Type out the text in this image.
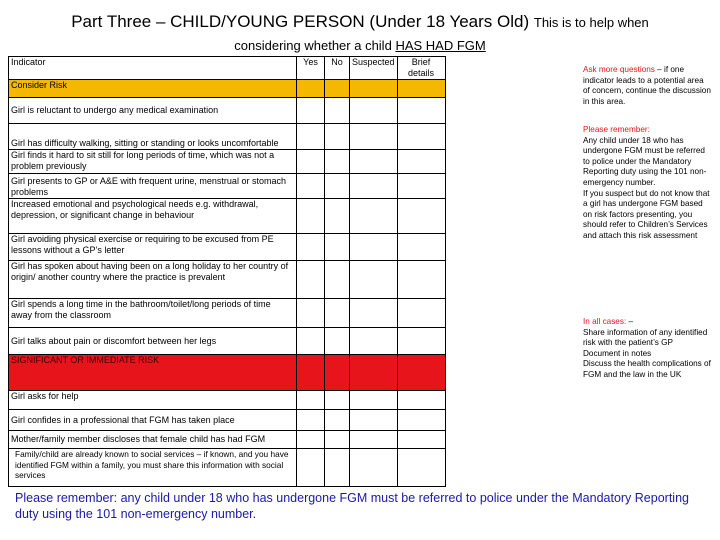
Part Three – CHILD/YOUNG PERSON (Under 18 Years Old) This is to help when
considering whether a child HAS HAD FGM
Indicator	Yes	No	Suspected	Brief details
Consider Risk				
Girl is reluctant to undergo any medical examination				
Girl has difficulty walking, sitting or standing or looks uncomfortable				
Girl finds it hard to sit still for long periods of time, which was not a problem previously				
Girl presents to GP or A&E with frequent urine, menstrual or stomach problems				
Increased emotional and psychological needs e.g. withdrawal, depression, or significant change in behaviour				
Girl avoiding physical exercise or requiring to be excused from PE lessons without a GP’s letter				
Girl has spoken about having been on a long holiday to her country of origin/ another country where the practice is prevalent				
Girl spends a long time in the bathroom/toilet/long periods of time away from the classroom				
Girl talks about pain or discomfort between her legs				
SIGNIFICANT OR IMMEDIATE RISK				
Girl asks for help				
Girl confides in a professional that FGM has taken place				
Mother/family member discloses that female child has had FGM				
Family/child are already known to social services – if known, and you have identified FGM within a family, you must share this information with social services				
Ask more questions – if one indicator leads to a potential area of concern, continue the discussion in this area.
Please remember:
Any child under 18 who has undergone FGM must be referred to police under the Mandatory Reporting duty using the 101 non-emergency number.
If you suspect but do not know that a girl has undergone FGM based on risk factors presenting, you should refer to Children’s Services and attach this risk assessment
In all cases: –
Share information of any identified risk with the patient’s GP
Document in notes
Discuss the health complications of FGM and the law in the UK
Please remember: any child under 18 who has undergone FGM must be referred to police under the Mandatory Reporting duty using the 101 non-emergency number.
